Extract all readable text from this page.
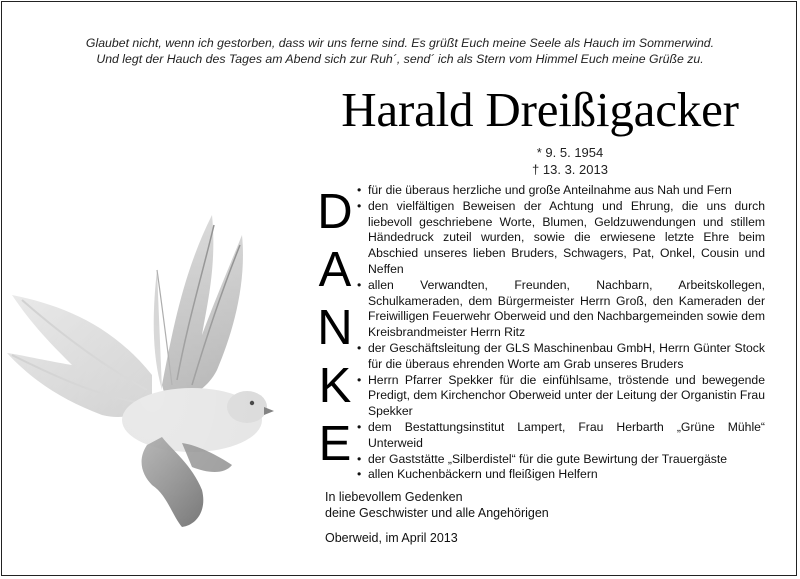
Glaubet nicht, wenn ich gestorben, dass wir uns ferne sind. Es grüßt Euch meine Seele als Hauch im Sommerwind.
Und legt der Hauch des Tages am Abend sich zur Ruh´, send´ ich als Stern vom Himmel Euch meine Grüße zu.
Harald Dreißigacker
* 9. 5. 1954
† 13. 3. 2013
D
A
N
K
E
• für die überaus herzliche und große Anteilnahme aus Nah und Fern
• den vielfältigen Beweisen der Achtung und Ehrung, die uns durch liebevoll geschriebene Worte, Blumen, Geldzuwendungen und stillem Händedruck zuteil wurden, sowie die erwiesene letzte Ehre beim Abschied unseres lieben Bruders, Schwagers, Pat, Onkel, Cousin und Neffen
• allen Verwandten, Freunden, Nachbarn, Arbeitskollegen, Schulkameraden, dem Bürgermeister Herrn Groß, den Kameraden der Freiwilligen Feuerwehr Oberweid und den Nachbargemeinden sowie dem Kreisbrandmeister Herrn Ritz
• der Geschäftsleitung der GLS Maschinenbau GmbH, Herrn Günter Stock für die überaus ehrenden Worte am Grab unseres Bruders
• Herrn Pfarrer Spekker für die einfühlsame, tröstende und bewegende Predigt, dem Kirchenchor Oberweid unter der Leitung der Organistin Frau Spekker
• dem Bestattungsinstitut Lampert, Frau Herbarth „Grüne Mühle“ Unterweid
• der Gaststätte „Silberdistel“ für die gute Bewirtung der Trauergäste
• allen Kuchenbäckern und fleißigen Helfern
In liebevollem Gedenken
deine Geschwister und alle Angehörigen
Oberweid, im April 2013
